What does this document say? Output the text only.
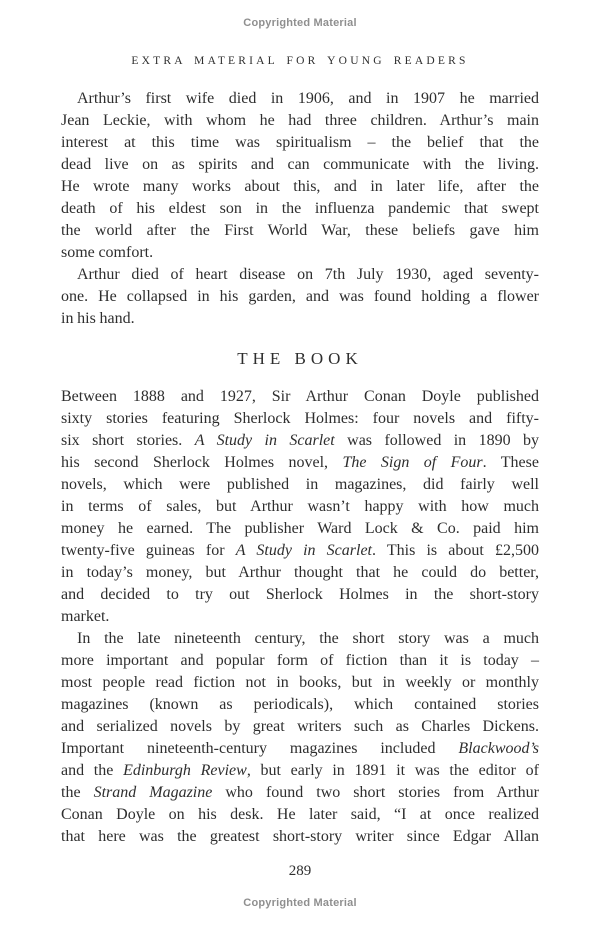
Copyrighted Material
EXTRA MATERIAL FOR YOUNG READERS
Arthur’s first wife died in 1906, and in 1907 he married
Jean Leckie, with whom he had three children. Arthur’s main
interest at this time was spiritualism – the belief that the
dead live on as spirits and can communicate with the living.
He wrote many works about this, and in later life, after the
death of his eldest son in the influenza pandemic that swept
the world after the First World War, these beliefs gave him
some comfort.
Arthur died of heart disease on 7th July 1930, aged seventy-
one. He collapsed in his garden, and was found holding a flower
in his hand.
THE BOOK
Between 1888 and 1927, Sir Arthur Conan Doyle published
sixty stories featuring Sherlock Holmes: four novels and fifty-
six short stories. A Study in Scarlet was followed in 1890 by
his second Sherlock Holmes novel, The Sign of Four. These
novels, which were published in magazines, did fairly well
in terms of sales, but Arthur wasn’t happy with how much
money he earned. The publisher Ward Lock & Co. paid him
twenty-five guineas for A Study in Scarlet. This is about £2,500
in today’s money, but Arthur thought that he could do better,
and decided to try out Sherlock Holmes in the short-story
market.
In the late nineteenth century, the short story was a much
more important and popular form of fiction than it is today –
most people read fiction not in books, but in weekly or monthly
magazines (known as periodicals), which contained stories
and serialized novels by great writers such as Charles Dickens.
Important nineteenth-century magazines included Blackwood’s
and the Edinburgh Review, but early in 1891 it was the editor of
the Strand Magazine who found two short stories from Arthur
Conan Doyle on his desk. He later said, “I at once realized
that here was the greatest short-story writer since Edgar Allan
289
Copyrighted Material
